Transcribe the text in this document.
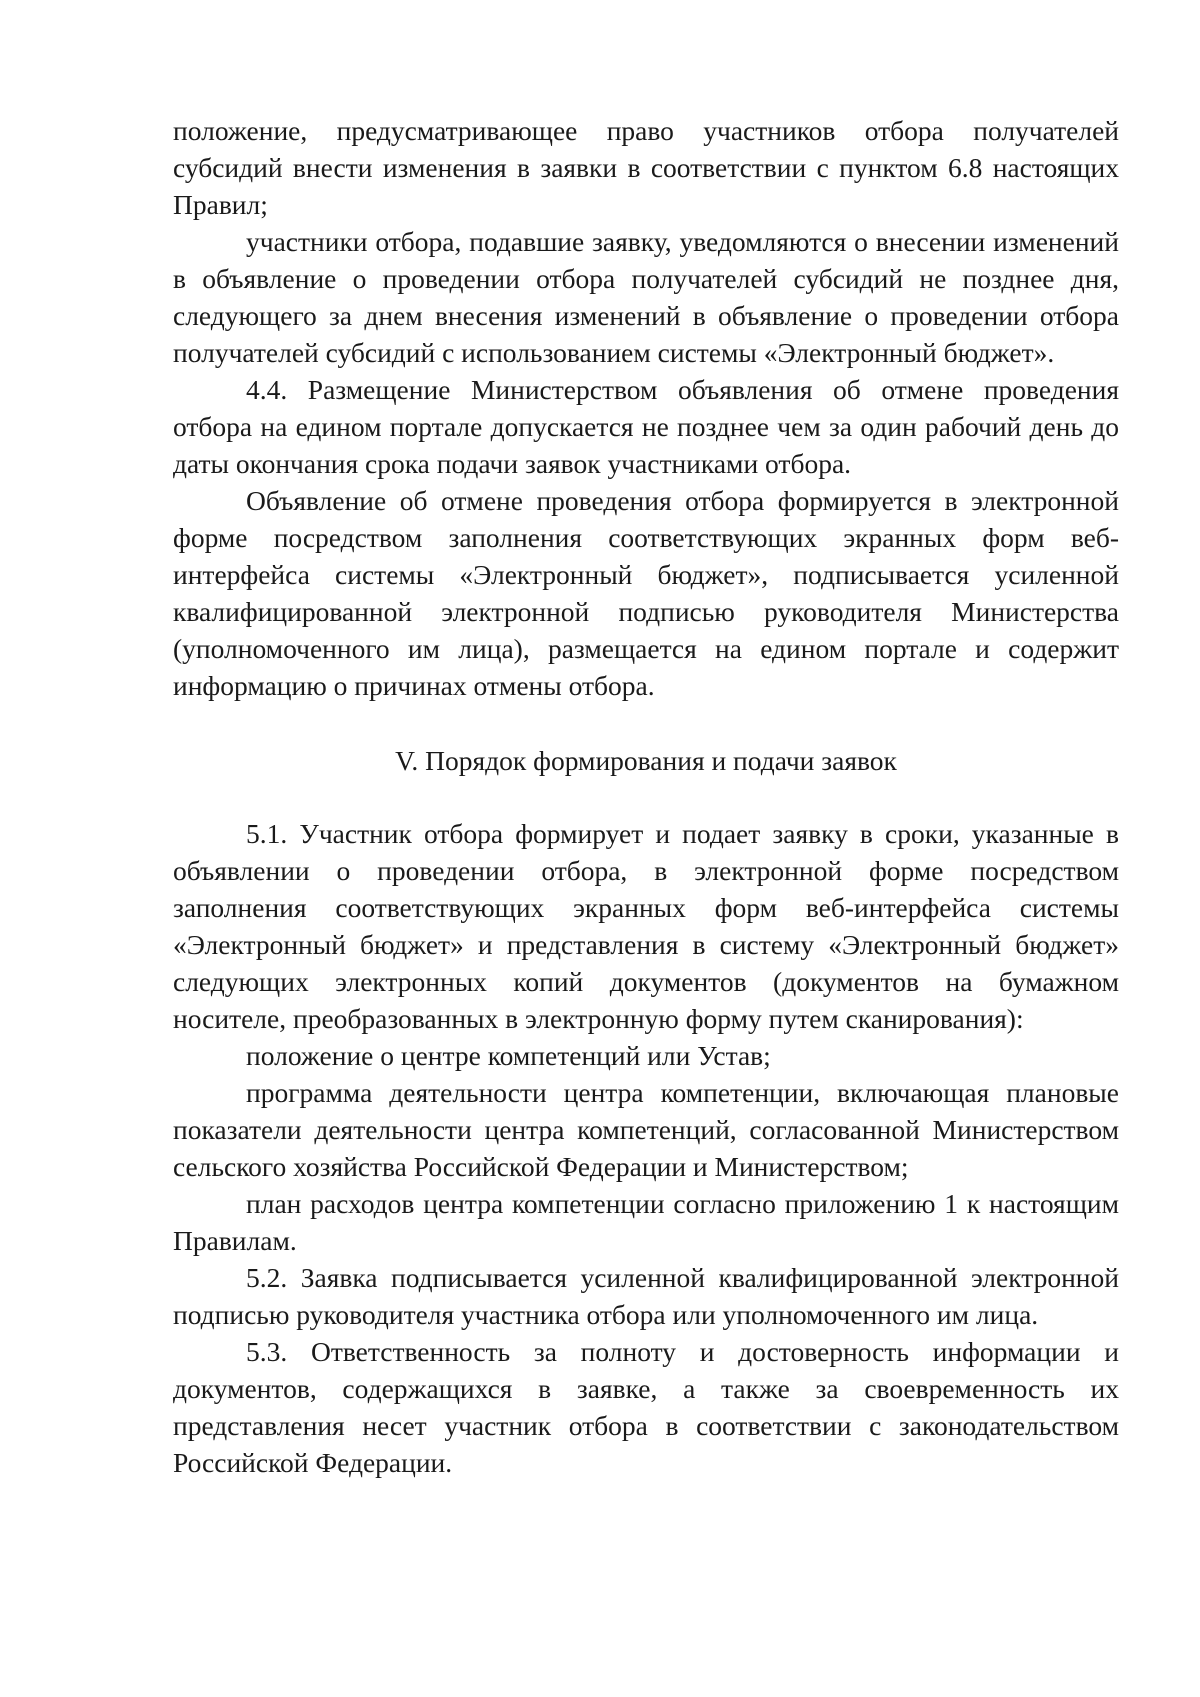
положение, предусматривающее право участников отбора получателей субсидий внести изменения в заявки в соответствии с пунктом 6.8 настоящих Правил;

участники отбора, подавшие заявку, уведомляются о внесении изменений в объявление о проведении отбора получателей субсидий не позднее дня, следующего за днем внесения изменений в объявление о проведении отбора получателей субсидий с использованием системы «Электронный бюджет».

4.4. Размещение Министерством объявления об отмене проведения отбора на едином портале допускается не позднее чем за один рабочий день до даты окончания срока подачи заявок участниками отбора.

Объявление об отмене проведения отбора формируется в электронной форме посредством заполнения соответствующих экранных форм веб-интерфейса системы «Электронный бюджет», подписывается усиленной квалифицированной электронной подписью руководителя Министерства (уполномоченного им лица), размещается на едином портале и содержит информацию о причинах отмены отбора.

V. Порядок формирования и подачи заявок

5.1. Участник отбора формирует и подает заявку в сроки, указанные в объявлении о проведении отбора, в электронной форме посредством заполнения соответствующих экранных форм веб-интерфейса системы «Электронный бюджет» и представления в систему «Электронный бюджет» следующих электронных копий документов (документов на бумажном носителе, преобразованных в электронную форму путем сканирования):

положение о центре компетенций или Устав;

программа деятельности центра компетенции, включающая плановые показатели деятельности центра компетенций, согласованной Министерством сельского хозяйства Российской Федерации и Министерством;

план расходов центра компетенции согласно приложению 1 к настоящим Правилам.

5.2. Заявка подписывается усиленной квалифицированной электронной подписью руководителя участника отбора или уполномоченного им лица.

5.3. Ответственность за полноту и достоверность информации и документов, содержащихся в заявке, а также за своевременность их представления несет участник отбора в соответствии с законодательством Российской Федерации.
